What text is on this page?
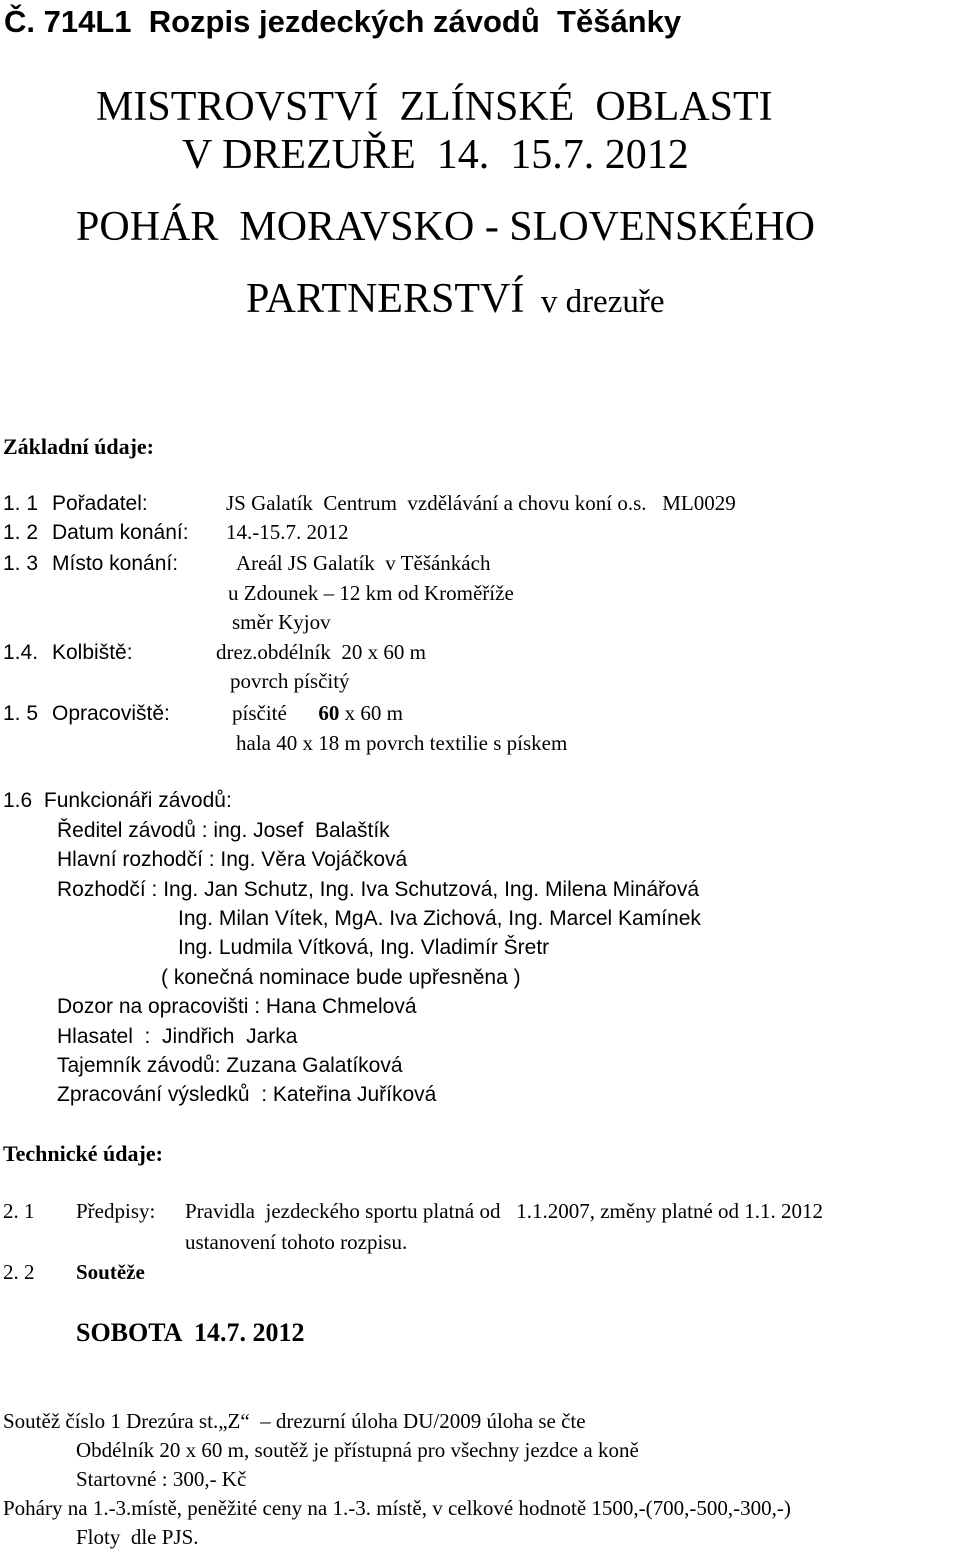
Č. 714L1  Rozpis jezdeckých závodů  Těšánky
MISTROVSTVÍ  ZLÍNSKÉ  OBLASTI
V DREZUŘE  14.  15.7. 2012
POHÁR  MORAVSKO - SLOVENSKÉHO

PARTNERSTVÍ v drezuře

Základní údaje:
1. 1 Pořadatel:	JS Galatík  Centrum  vzdělávání a chovu koní o.s.   ML0029
1. 2 Datum konání: 14.-15.7. 2012
1. 3 Místo konání:	Areál JS Galatík  v Těšánkách
u Zdounek – 12 km od Kroměříže
směr Kyjov
1.4. Kolbiště:	drez.obdélník  20 x 60 m
povrch písčitý
1. 5 Opracoviště:	písčité 60 x 60 m
hala 40 x 18 m povrch textilie s pískem
1.6  Funkcionáři závodů:
Ředitel závodů : ing. Josef  Balaštík
Hlavní rozhodčí : Ing. Věra Vojáčková
Rozhodčí : Ing. Jan Schutz, Ing. Iva Schutzová, Ing. Milena Minářová
Ing. Milan Vítek, MgA. Iva Zichová, Ing. Marcel Kamínek
Ing. Ludmila Vítková, Ing. Vladimír Šretr
( konečná nominace bude upřesněna )
Dozor na opracovišti : Hana Chmelová
Hlasatel  :  Jindřich  Jarka
Tajemník závodů: Zuzana Galatíková
Zpracování výsledků  : Kateřina Juříková
Technické údaje:
2. 1 Předpisy: Pravidla  jezdeckého sportu platná od   1.1.2007, změny platné od 1.1. 2012
ustanovení tohoto rozpisu.
2. 2 Soutěže
SOBOTA  14.7. 2012
Soutěž číslo 1 Drezúra st.„Z“  – drezurní úloha DU/2009 úloha se čte
Obdélník 20 x 60 m, soutěž je přístupná pro všechny jezdce a koně
Startovné : 300,- Kč
Poháry na 1.-3.místě, peněžité ceny na 1.-3. místě, v celkové hodnotě 1500,-(700,-500,-300,-)
Floty  dle PJS.
